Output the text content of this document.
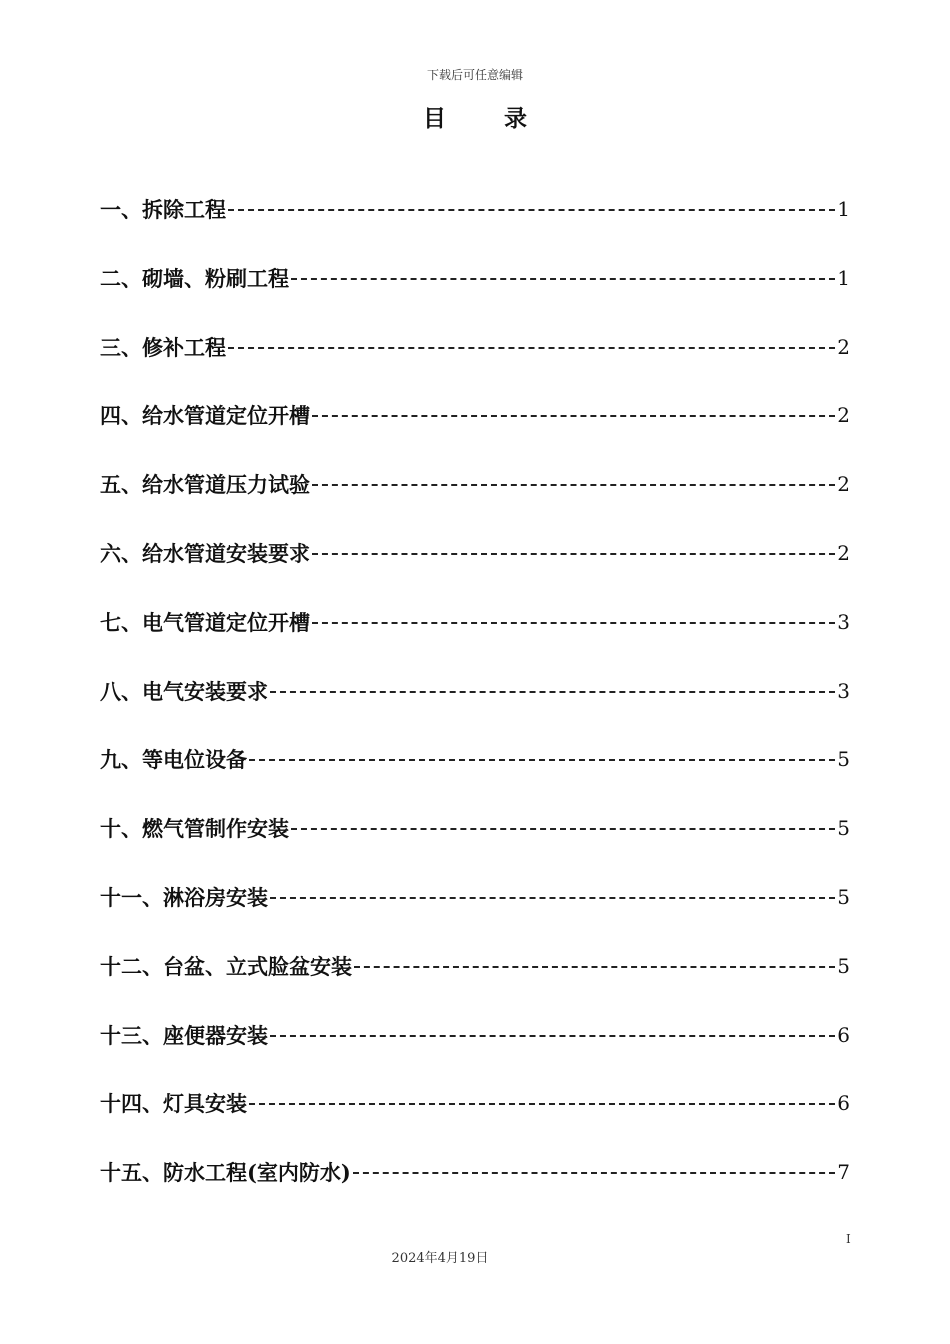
下载后可任意编辑
目	录
一、拆除工程	1
二、砌墙、粉刷工程	1
三、修补工程	2
四、给水管道定位开槽	2
五、给水管道压力试验	2
六、给水管道安装要求	2
七、电气管道定位开槽	3
八、电气安装要求	3
九、等电位设备	5
十、燃气管制作安装	5
十一、淋浴房安装	5
十二、台盆、立式脸盆安装	5
十三、座便器安装	6
十四、灯具安装	6
十五、防水工程(室内防水)	7
I
2024年4月19日
